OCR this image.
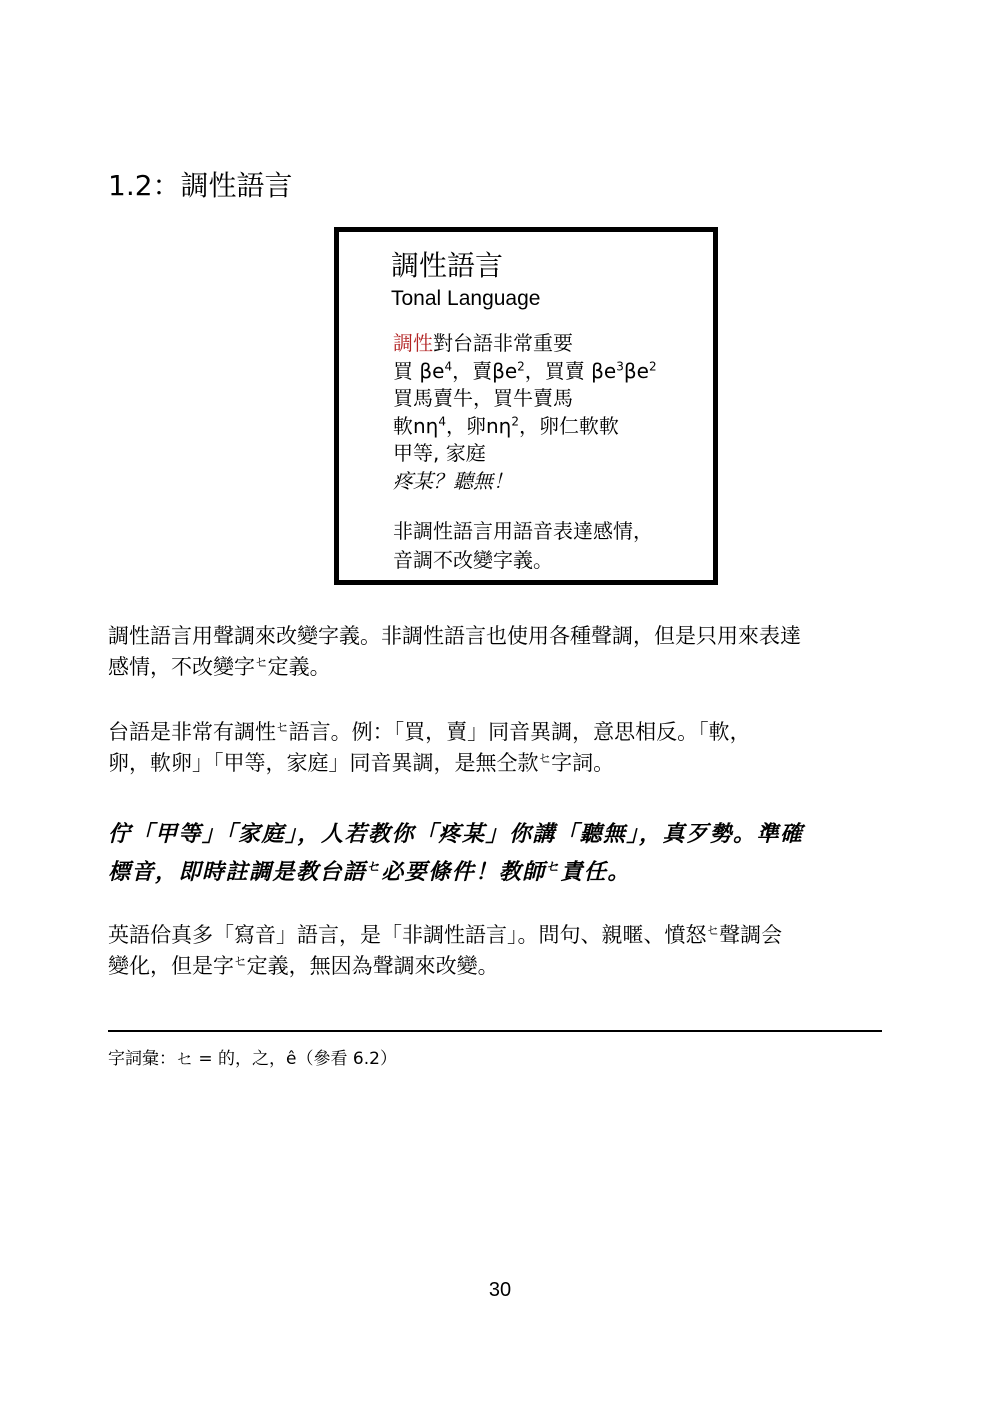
1.2：調性語言
調性語言
Tonal Language
調性對台語非常重要
買 $\beta e^4$，賣$\beta e^2$，買賣 $\beta e^3\beta e^2$
買馬賣牛，買牛賣馬
軟$n\eta^4$，卵$n\eta^2$，卵仁軟軟
甲等, 家庭
疼某？聽無！
非調性語言用語音表達感情，
音調不改變字義。
調性語言用聲調來改變字義。非調性語言也使用各種聲調，但是只用來表達
感情，不改變字$^ㆤ$定義。
台語是非常有調性$^ㆤ$語言。例：「買，賣」同音異調，意思相反。「軟，
卵，軟卵」「甲等，家庭」同音異調，是無仝款$^ㆤ$字詞。
佇「甲等」「家庭」，人若教你「疼某」你講「聽無」，真歹勢。準確
標音，即時註調是教台語$^ㆤ$必要條件！教師$^ㆤ$責任。
英語佮真多「寫音」語言，是「非調性語言」。問句、親暱、憤怒$^ㆤ$聲調会
變化，但是字$^ㆤ$定義，無因為聲調來改變。
字詞彙：ㆤ = 的，之，ê（參看 6.2）
30
